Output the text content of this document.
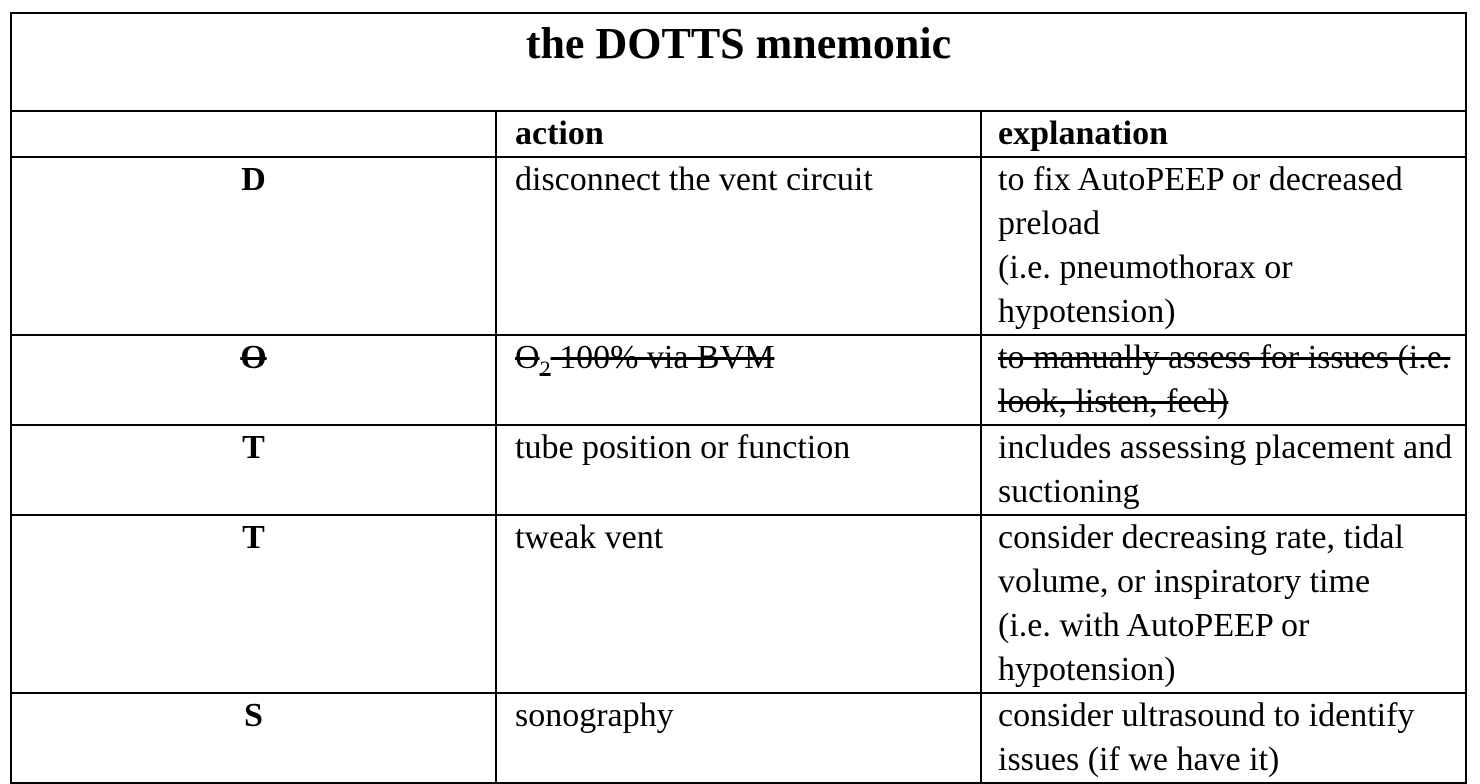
the DOTTS mnemonic		
	action	explanation
D	disconnect the vent circuit	to fix AutoPEEP or decreased preload
(i.e. pneumothorax or hypotension)

O	$O_2$ 100% via BVM	to manually assess for issues (i.e. look, listen, feel)

T	tube position or function	includes assessing placement and suctioning

T	tweak vent	consider decreasing rate, tidal volume, or inspiratory time
(i.e. with AutoPEEP or hypotension)

S	sonography	consider ultrasound to identify issues (if we have it)
